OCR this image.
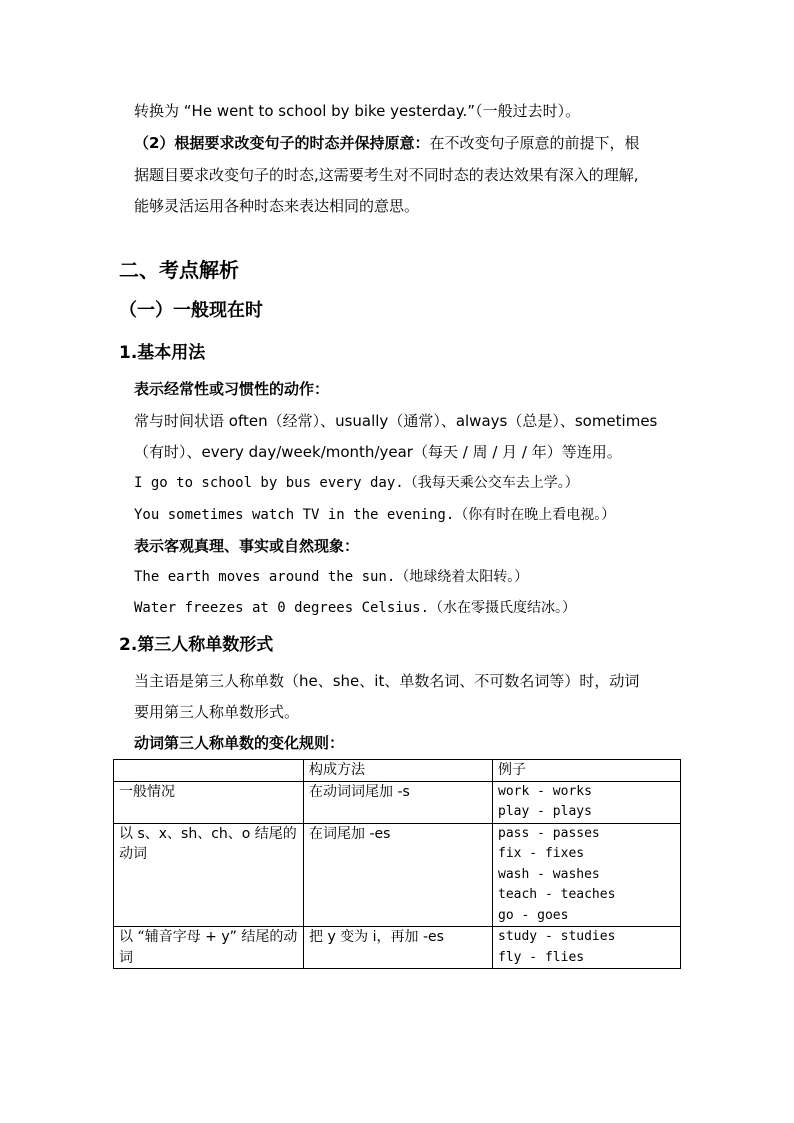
转换为 “He went to school by bike yesterday.”（一般过去时）。
（2）根据要求改变句子的时态并保持原意：在不改变句子原意的前提下，根
据题目要求改变句子的时态,这需要考生对不同时态的表达效果有深入的理解,
能够灵活运用各种时态来表达相同的意思。
二、考点解析
（一）一般现在时
1.基本用法
表示经常性或习惯性的动作：
常与时间状语 often（经常）、usually（通常）、always（总是）、sometimes
（有时）、every day/week/month/year（每天 / 周 / 月 / 年）等连用。
I go to school by bus every day.（我每天乘公交车去上学。）
You sometimes watch TV in the evening.（你有时在晚上看电视。）
表示客观真理、事实或自然现象：
The earth moves around the sun.（地球绕着太阳转。）
Water freezes at 0 degrees Celsius.（水在零摄氏度结冰。）
2.第三人称单数形式
当主语是第三人称单数（he、she、it、单数名词、不可数名词等）时，动词
要用第三人称单数形式。
动词第三人称单数的变化规则：
	构成方法	例子
一般情况	在动词词尾加 -s	work - works
play - plays

以 s、x、sh、ch、o 结尾的动词	在词尾加 -es	pass - passes
fix - fixes
wash - washes
teach - teaches
go - goes

以 “辅音字母 + y” 结尾的动词	把 y 变为 i，再加 -es	study - studies
fly - flies
